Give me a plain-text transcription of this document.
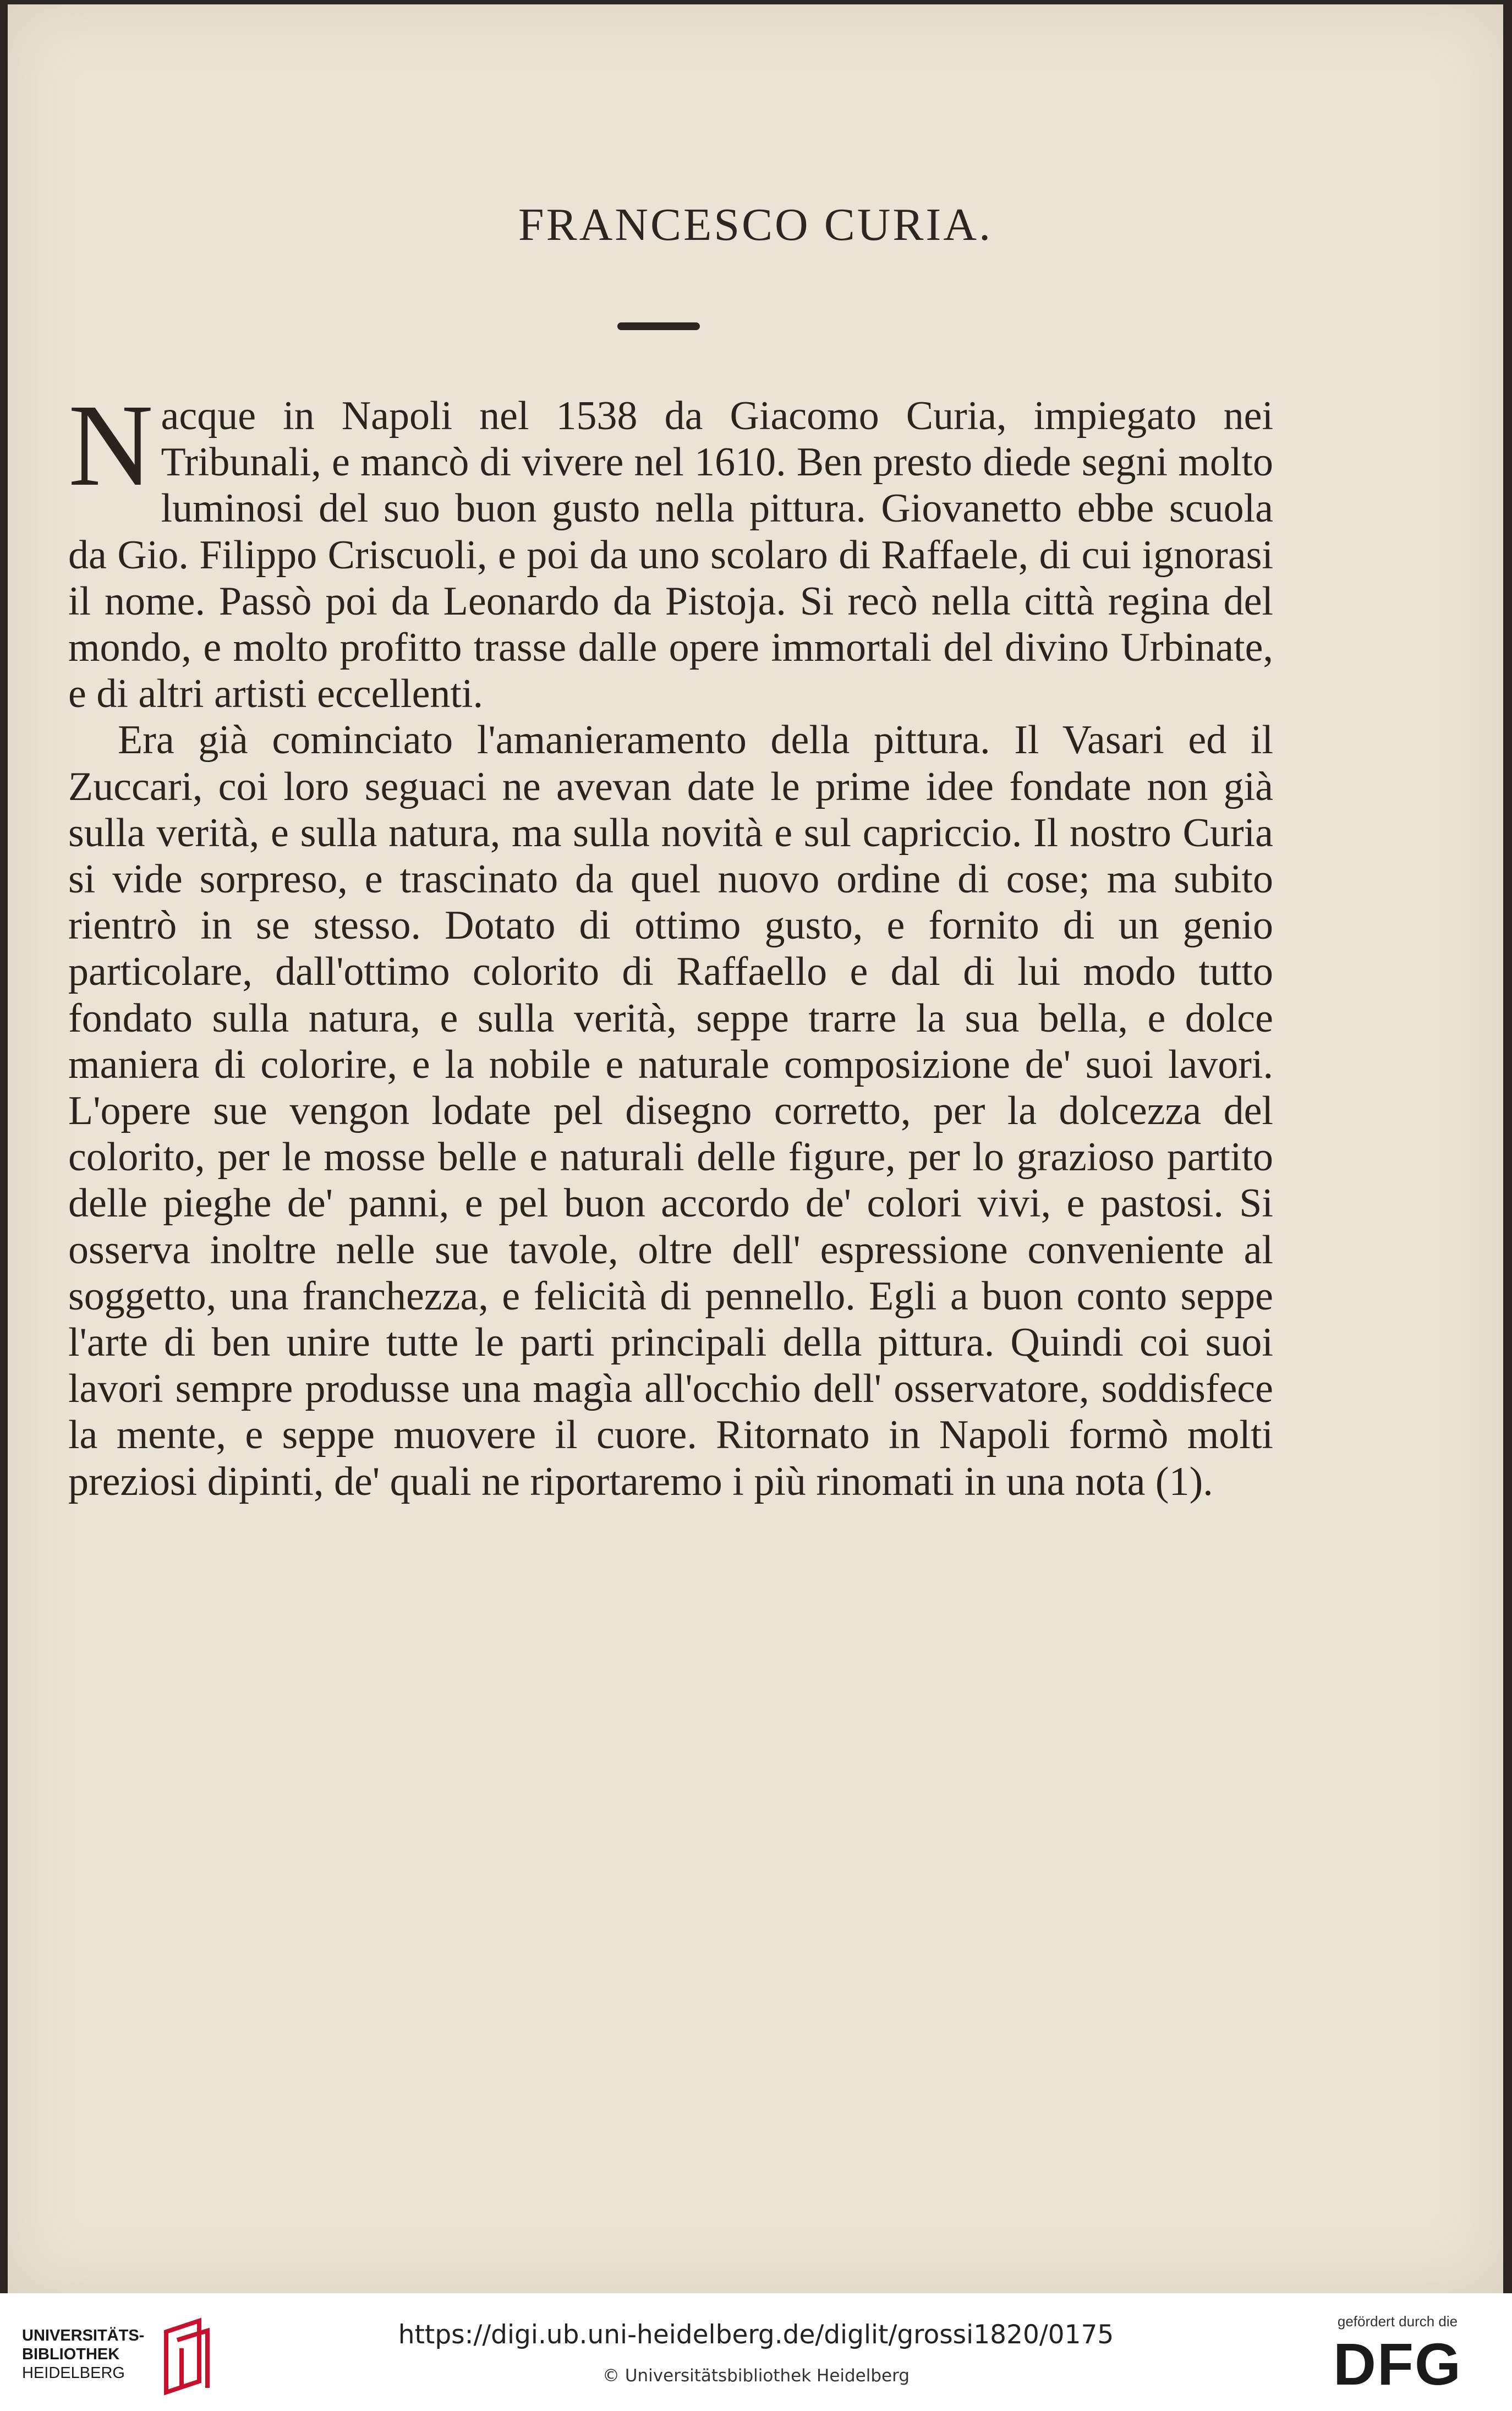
FRANCESCO CURIA.

Nacque in Napoli nel 1538 da Giacomo Curia, impiegato nei Tribunali, e mancò di vivere nel 1610. Ben presto diede segni molto luminosi del suo buon gusto nella pittura. Giovanetto ebbe scuola da Gio. Filippo Criscuoli, e poi da uno scolaro di Raffaele, di cui ignorasi il nome. Passò poi da Leonardo da Pistoja. Si recò nella città regina del mondo, e molto profitto trasse dalle opere immortali del divino Urbinate, e di altri artisti eccellenti.

Era già cominciato l'amanieramento della pittura. Il Vasari ed il Zuccari, coi loro seguaci ne avevan date le prime idee fondate non già sulla verità, e sulla natura, ma sulla novità e sul capriccio. Il nostro Curia si vide sorpreso, e trascinato da quel nuovo ordine di cose; ma subito rientrò in se stesso. Dotato di ottimo gusto, e fornito di un genio particolare, dall'ottimo colorito di Raffaello e dal di lui modo tutto fondato sulla natura, e sulla verità, seppe trarre la sua bella, e dolce maniera di colorire, e la nobile e naturale composizione de' suoi lavori. L'opere sue vengon lodate pel disegno corretto, per la dolcezza del colorito, per le mosse belle e naturali delle figure, per lo grazioso partito delle pieghe de' panni, e pel buon accordo de' colori vivi, e pastosi. Si osserva inoltre nelle sue tavole, oltre dell' espressione conveniente al soggetto, una franchezza, e felicità di pennello. Egli a buon conto seppe l'arte di ben unire tutte le parti principali della pittura. Quindi coi suoi lavori sempre produsse una magìa all'occhio dell' osservatore, soddisfece la mente, e seppe muovere il cuore. Ritornato in Napoli formò molti preziosi dipinti, de' quali ne riportaremo i più rinomati in una nota (1).

UNIVERSITÄTS-
BIBLIOTHEK
HEIDELBERG
https://digi.ub.uni-heidelberg.de/diglit/grossi1820/0175
© Universitätsbibliothek Heidelberg
gefördert durch die
DFG
